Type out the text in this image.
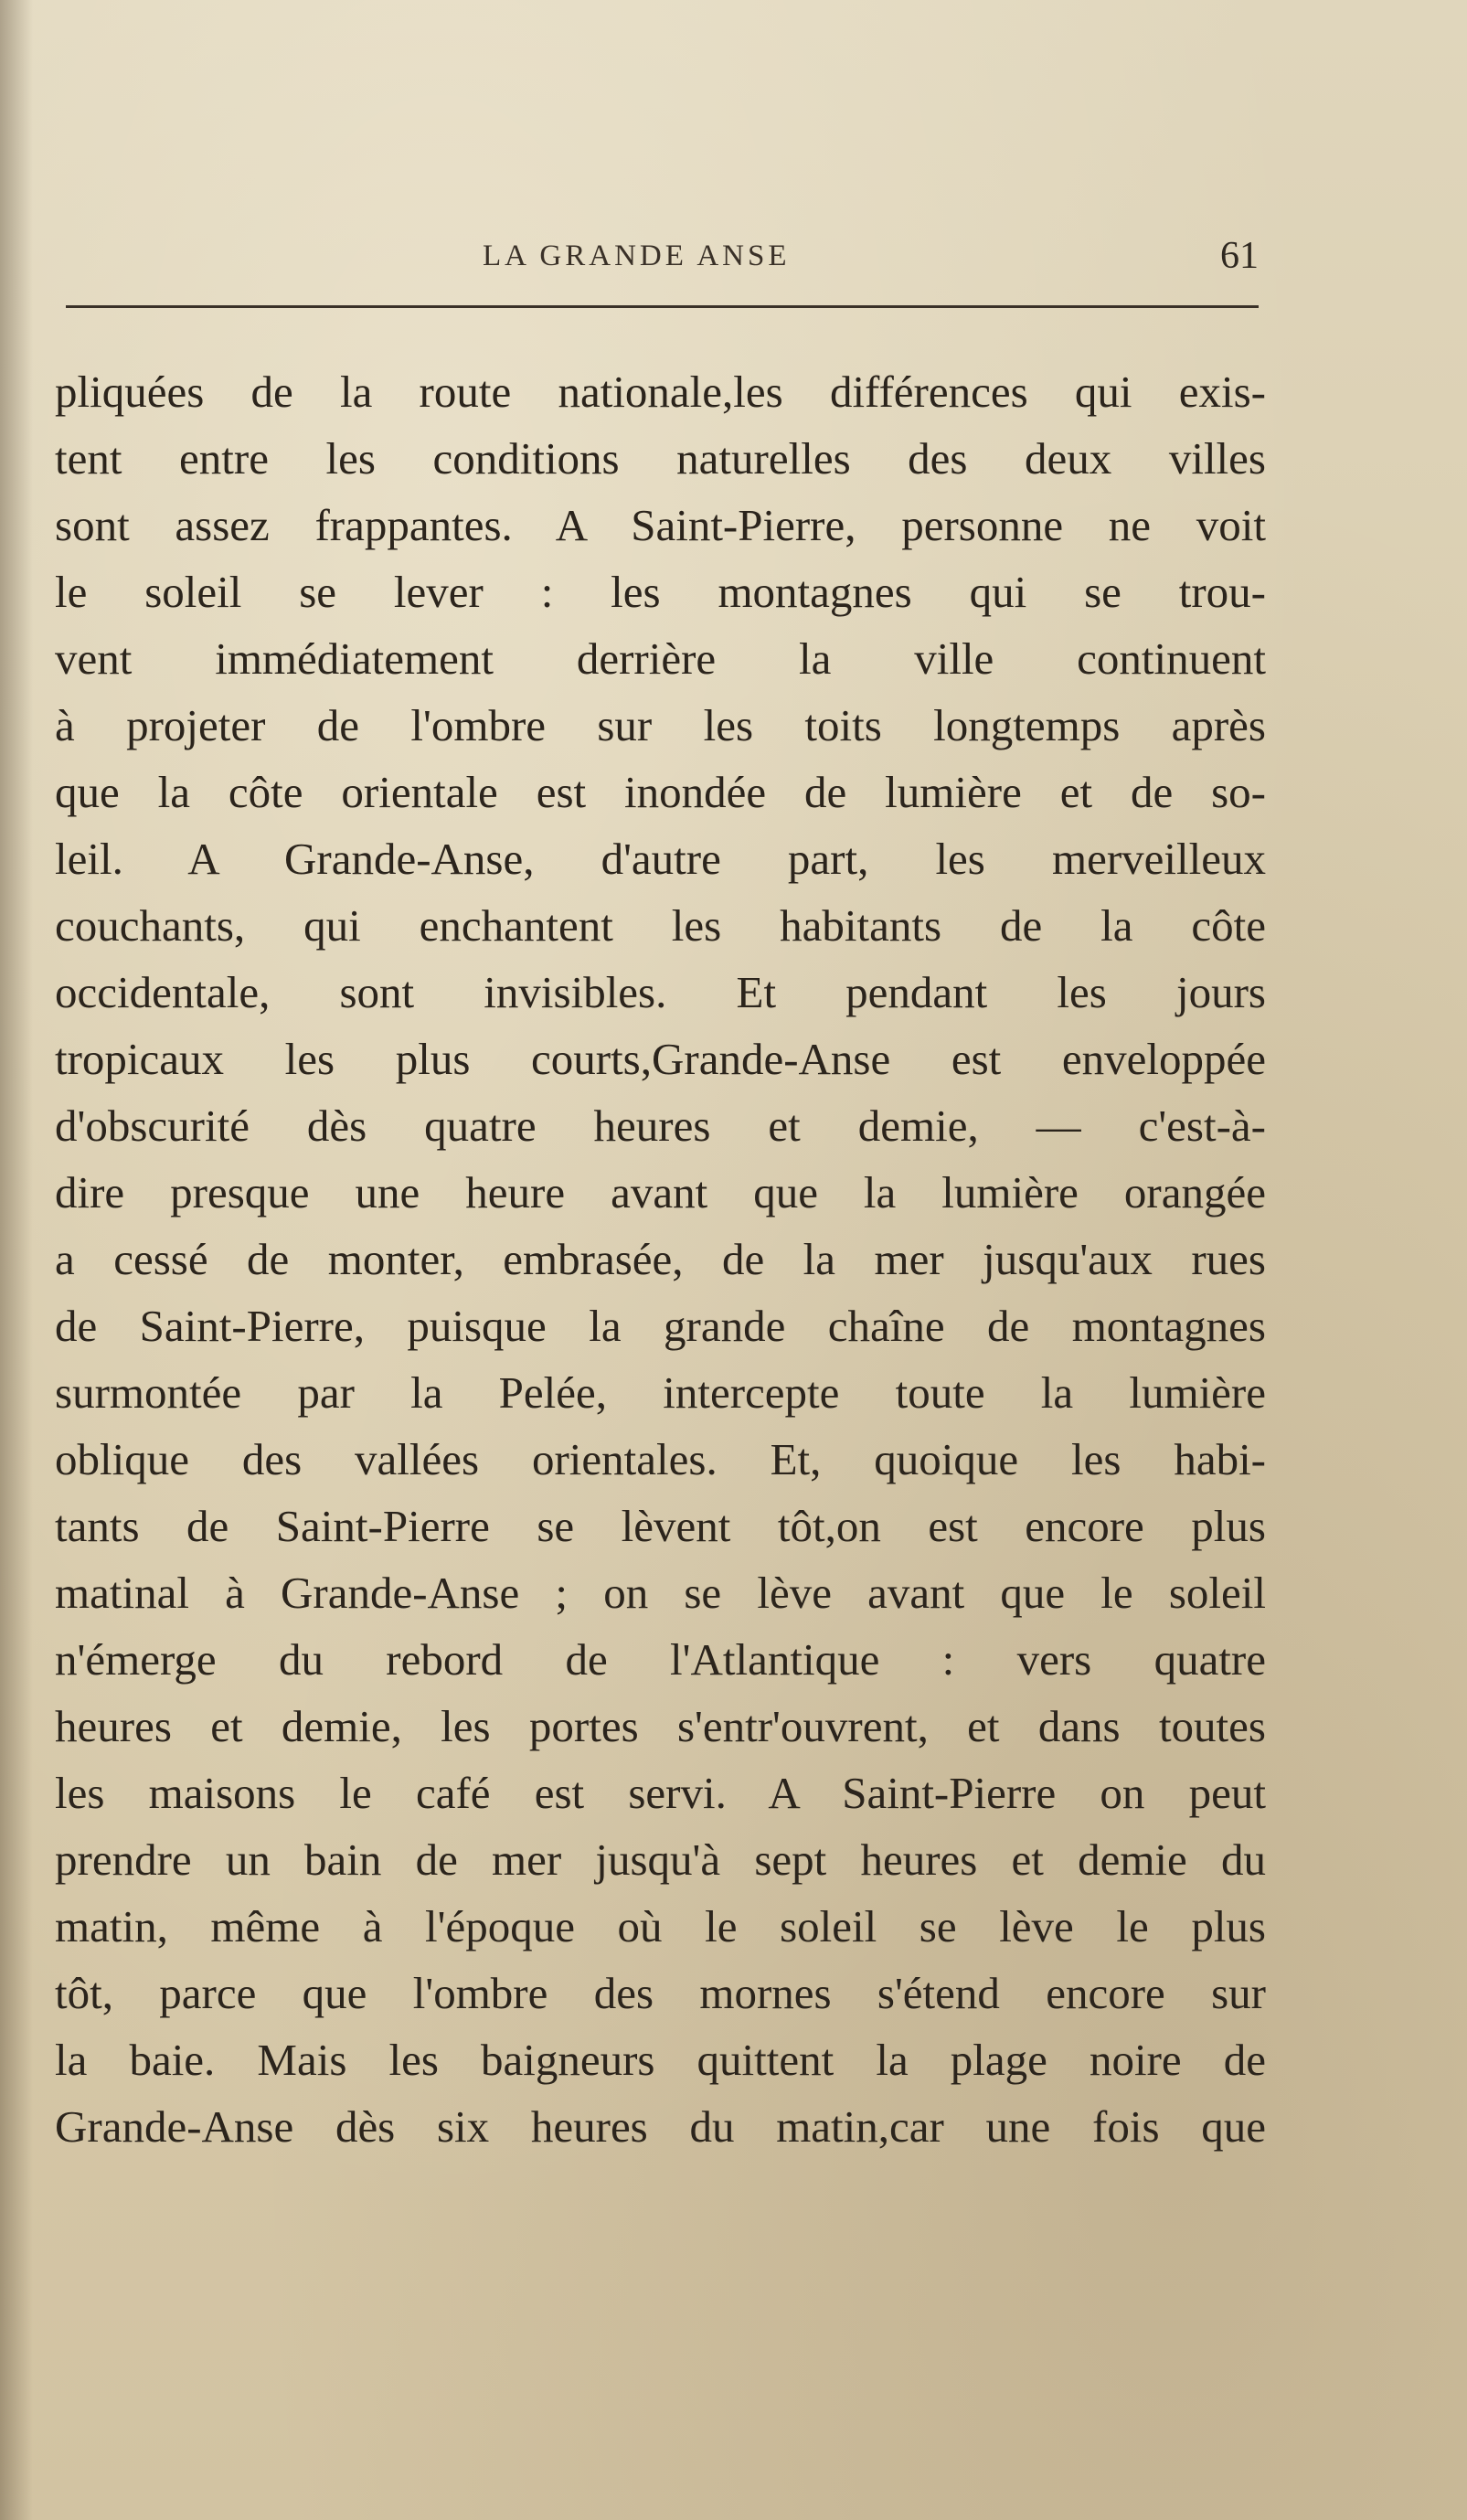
LA GRANDE ANSE	61
pliquées de la route nationale,les différences qui exis-
tent entre les conditions naturelles des deux villes
sont assez frappantes. A Saint-Pierre, personne ne voit
le soleil se lever : les montagnes qui se trou-
vent immédiatement derrière la ville continuent
à projeter de l'ombre sur les toits longtemps après
que la côte orientale est inondée de lumière et de so-
leil. A Grande-Anse, d'autre part, les merveilleux
couchants, qui enchantent les habitants de la côte
occidentale, sont invisibles. Et pendant les jours
tropicaux les plus courts,Grande-Anse est enveloppée
d'obscurité dès quatre heures et demie, — c'est-à-
dire presque une heure avant que la lumière orangée
a cessé de monter, embrasée, de la mer jusqu'aux rues
de Saint-Pierre, puisque la grande chaîne de montagnes
surmontée par la Pelée, intercepte toute la lumière
oblique des vallées orientales. Et, quoique les habi-
tants de Saint-Pierre se lèvent tôt,on est encore plus
matinal à Grande-Anse ; on se lève avant que le soleil
n'émerge du rebord de l'Atlantique : vers quatre
heures et demie, les portes s'entr'ouvrent, et dans toutes
les maisons le café est servi. A Saint-Pierre on peut
prendre un bain de mer jusqu'à sept heures et demie du
matin, même à l'époque où le soleil se lève le plus
tôt, parce que l'ombre des mornes s'étend encore sur
la baie. Mais les baigneurs quittent la plage noire de
Grande-Anse dès six heures du matin,car une fois que
